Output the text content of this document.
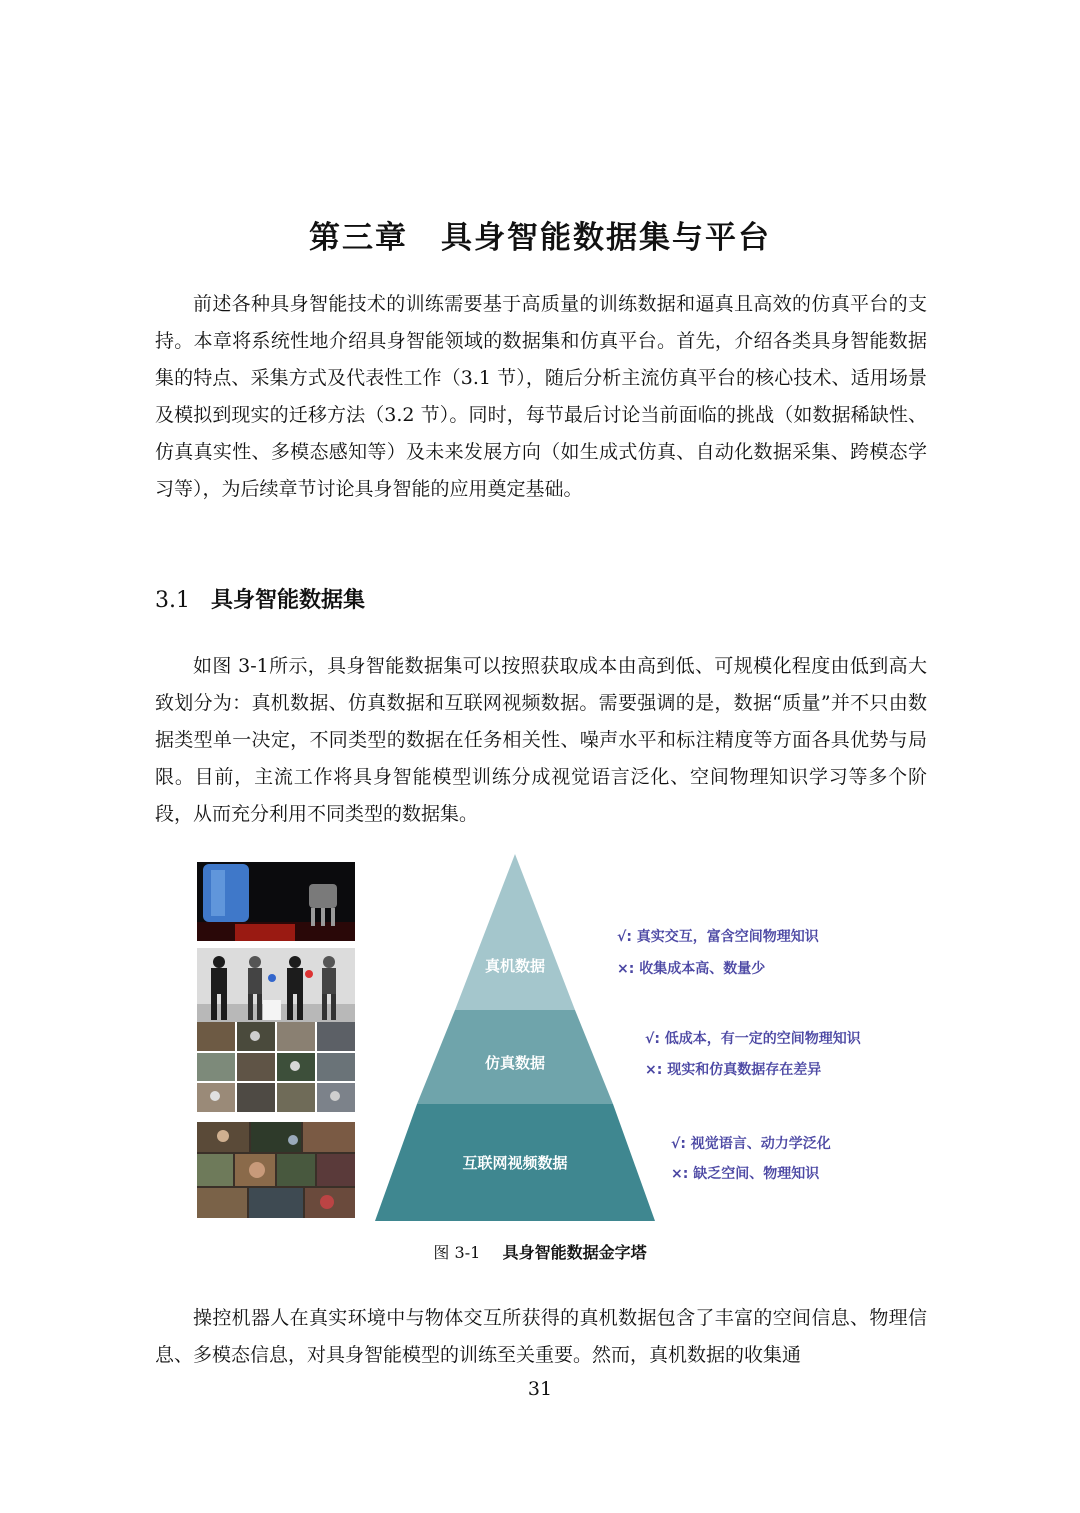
第三章　具身智能数据集与平台

前述各种具身智能技术的训练需要基于高质量的训练数据和逼真且高效的仿真平台的支持。本章将系统性地介绍具身智能领域的数据集和仿真平台。首先，介绍各类具身智能数据集的特点、采集方式及代表性工作（3.1 节），随后分析主流仿真平台的核心技术、适用场景及模拟到现实的迁移方法（3.2 节）。同时，每节最后讨论当前面临的挑战（如数据稀缺性、仿真真实性、多模态感知等）及未来发展方向（如生成式仿真、自动化数据采集、跨模态学习等），为后续章节讨论具身智能的应用奠定基础。

3.1 具身智能数据集

如图 3-1所示，具身智能数据集可以按照获取成本由高到低、可规模化程度由低到高大致划分为：真机数据、仿真数据和互联网视频数据。需要强调的是，数据“质量”并不只由数据类型单一决定，不同类型的数据在任务相关性、噪声水平和标注精度等方面各具优势与局限。目前，主流工作将具身智能模型训练分成视觉语言泛化、空间物理知识学习等多个阶段，从而充分利用不同类型的数据集。

真机数据
仿真数据
互联网视频数据
√: 真实交互，富含空间物理知识
×: 收集成本高、数量少
√: 低成本，有一定的空间物理知识
×: 现实和仿真数据存在差异
√: 视觉语言、动力学泛化
×: 缺乏空间、物理知识
图 3-1 具身智能数据金字塔

操控机器人在真实环境中与物体交互所获得的真机数据包含了丰富的空间信息、物理信息、多模态信息，对具身智能模型的训练至关重要。然而，真机数据的收集通

31
